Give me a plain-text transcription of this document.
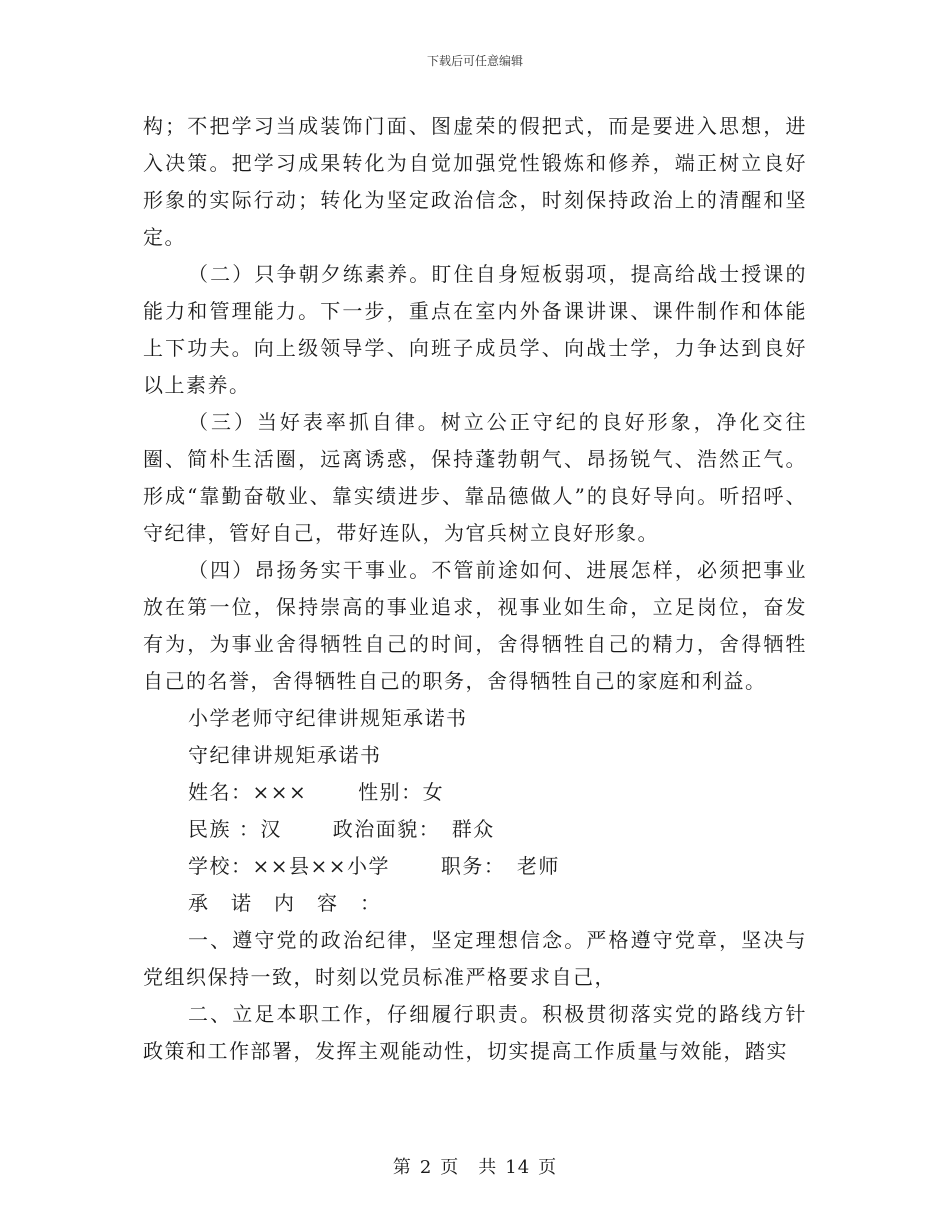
下载后可任意编辑

构；不把学习当成装饰门面、图虚荣的假把式，而是要进入思想，进入决策。把学习成果转化为自觉加强党性锻炼和修养，端正树立良好形象的实际行动；转化为坚定政治信念，时刻保持政治上的清醒和坚定。

（二）只争朝夕练素养。盯住自身短板弱项，提高给战士授课的能力和管理能力。下一步，重点在室内外备课讲课、课件制作和体能上下功夫。向上级领导学、向班子成员学、向战士学，力争达到良好以上素养。

（三）当好表率抓自律。树立公正守纪的良好形象，净化交往圈、简朴生活圈，远离诱惑，保持蓬勃朝气、昂扬锐气、浩然正气。形成“靠勤奋敬业、靠实绩进步、靠品德做人”的良好导向。听招呼、守纪律，管好自己，带好连队，为官兵树立良好形象。

（四）昂扬务实干事业。不管前途如何、进展怎样，必须把事业放在第一位，保持崇高的事业追求，视事业如生命，立足岗位，奋发有为，为事业舍得牺牲自己的时间，舍得牺牲自己的精力，舍得牺牲自己的名誉，舍得牺牲自己的职务，舍得牺牲自己的家庭和利益。

小学老师守纪律讲规矩承诺书

守纪律讲规矩承诺书

姓名：×××　　 性别：女

民族 ：汉　　 政治面貌：　群众

学校：××县××小学　　 职务：　老师

承　诺　内　容　：

一、遵守党的政治纪律，坚定理想信念。严格遵守党章，坚决与党组织保持一致，时刻以党员标准严格要求自己，

二、立足本职工作，仔细履行职责。积极贯彻落实党的路线方针政策和工作部署，发挥主观能动性，切实提高工作质量与效能，踏实

第 2 页　共 14 页
